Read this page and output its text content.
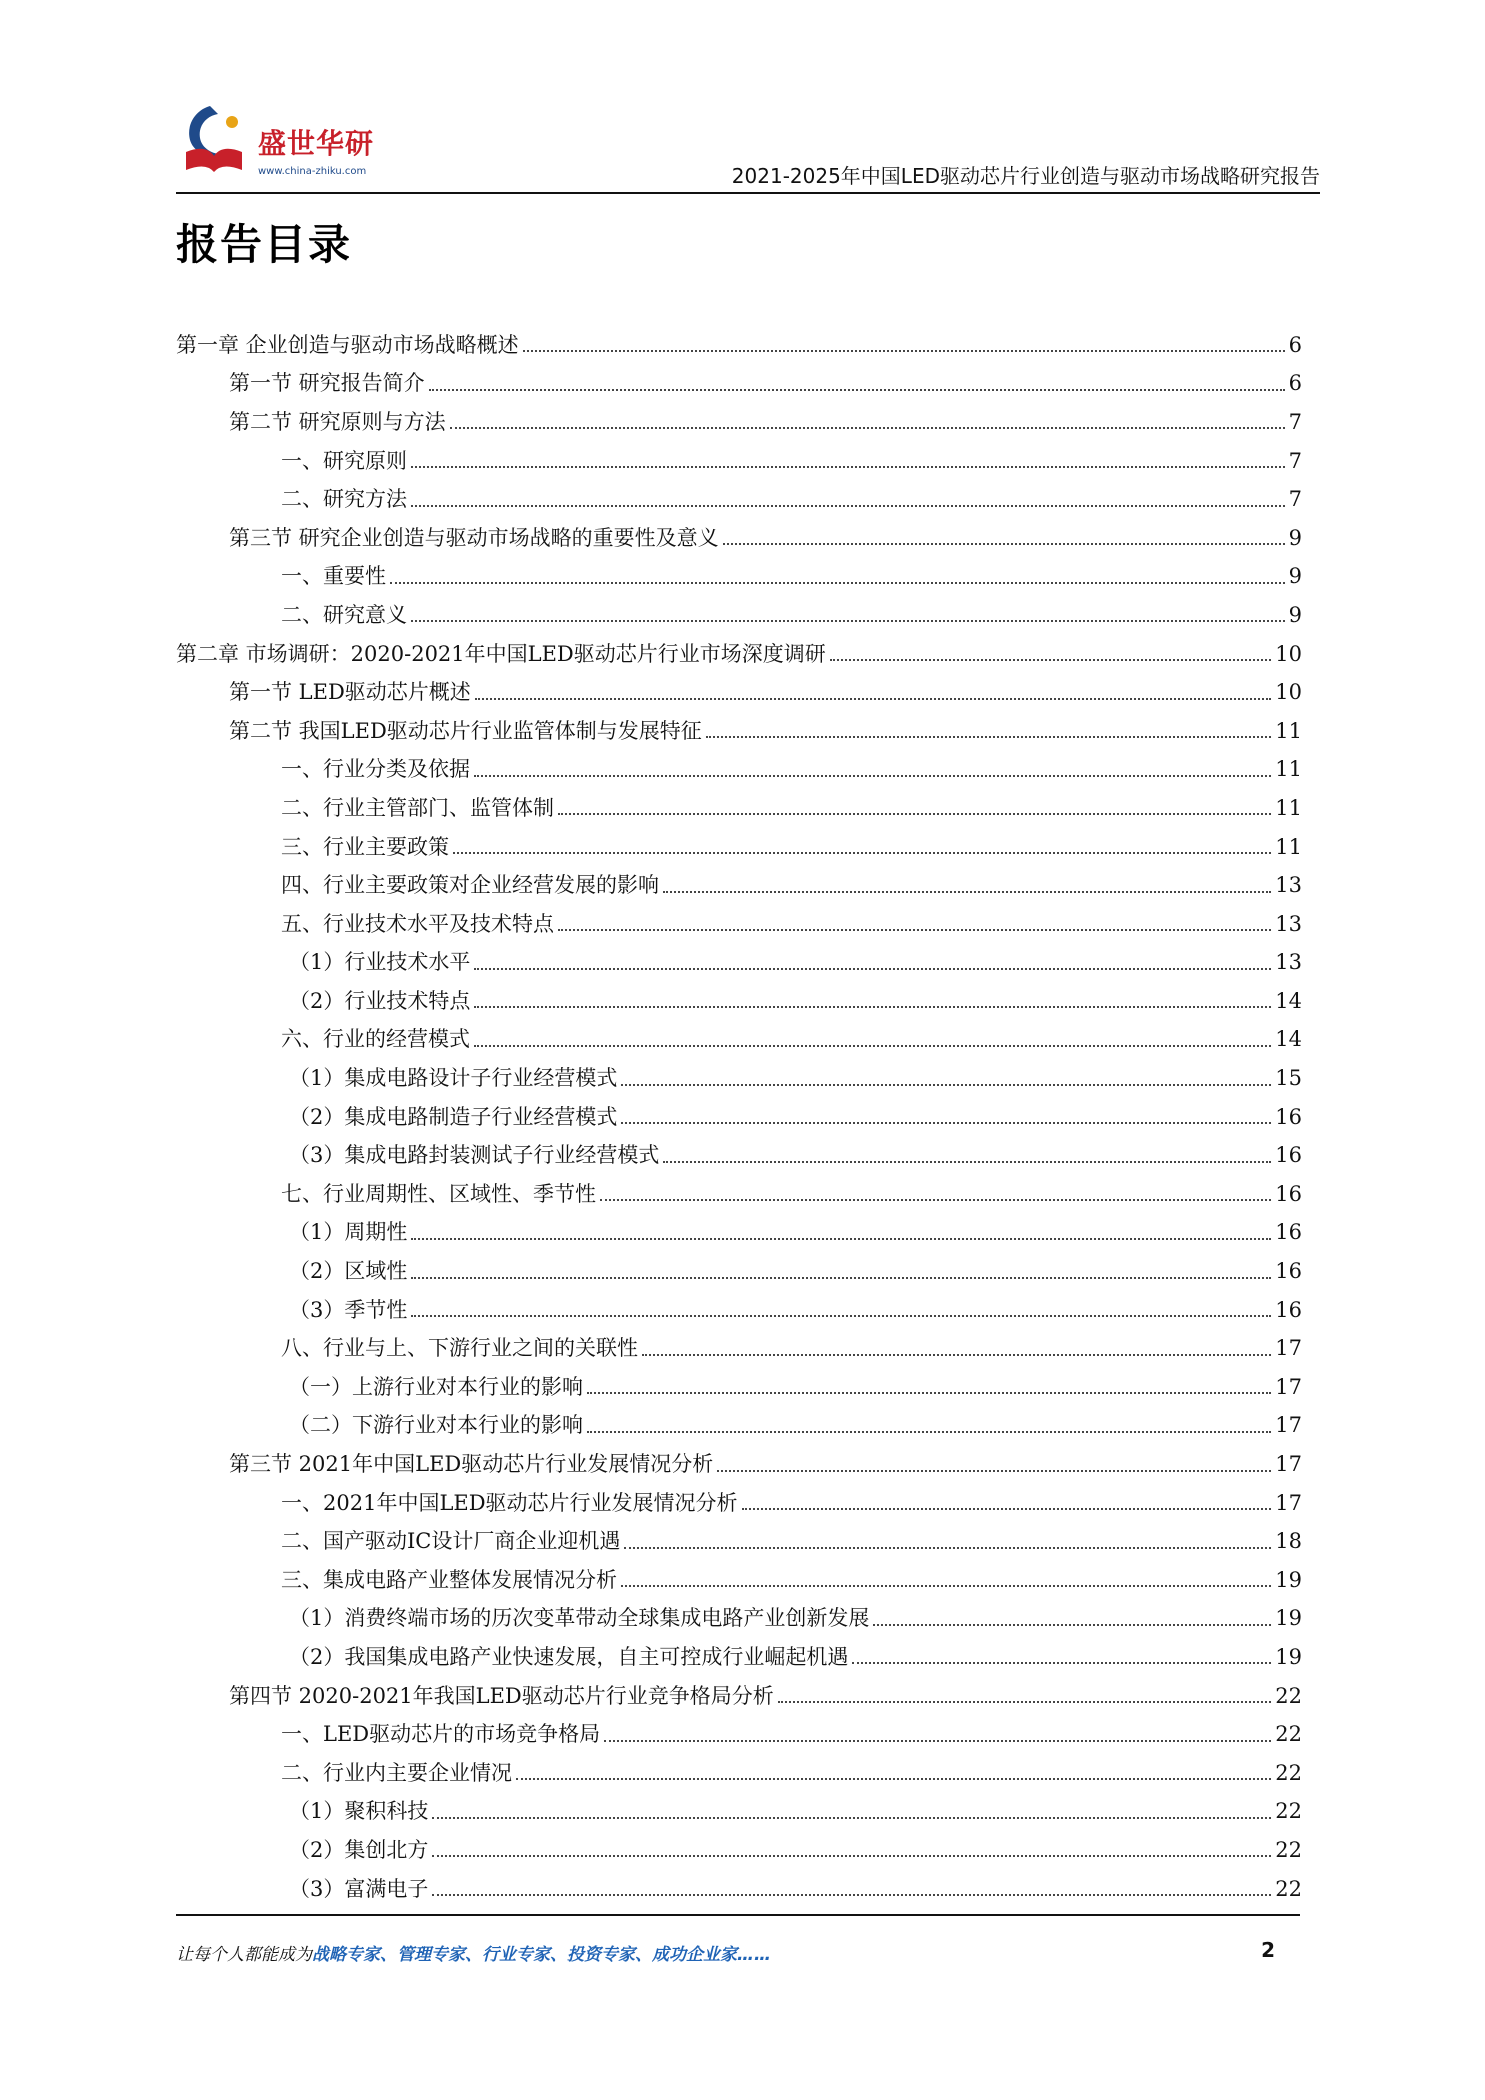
盛世华研
www.china-zhiku.com	2021-2025年中国LED驱动芯片行业创造与驱动市场战略研究报告
报告目录
第一章 企业创造与驱动市场战略概述	6
第一节 研究报告简介	6
第二节 研究原则与方法	7
一、研究原则	7
二、研究方法	7
第三节 研究企业创造与驱动市场战略的重要性及意义	9
一、重要性	9
二、研究意义	9
第二章 市场调研：2020-2021年中国LED驱动芯片行业市场深度调研	10
第一节 LED驱动芯片概述	10
第二节 我国LED驱动芯片行业监管体制与发展特征	11
一、行业分类及依据	11
二、行业主管部门、监管体制	11
三、行业主要政策	11
四、行业主要政策对企业经营发展的影响	13
五、行业技术水平及技术特点	13
（1）行业技术水平	13
（2）行业技术特点	14
六、行业的经营模式	14
（1）集成电路设计子行业经营模式	15
（2）集成电路制造子行业经营模式	16
（3）集成电路封装测试子行业经营模式	16
七、行业周期性、区域性、季节性	16
（1）周期性	16
（2）区域性	16
（3）季节性	16
八、行业与上、下游行业之间的关联性	17
（一）上游行业对本行业的影响	17
（二）下游行业对本行业的影响	17
第三节 2021年中国LED驱动芯片行业发展情况分析	17
一、2021年中国LED驱动芯片行业发展情况分析	17
二、国产驱动IC设计厂商企业迎机遇	18
三、集成电路产业整体发展情况分析	19
（1）消费终端市场的历次变革带动全球集成电路产业创新发展	19
（2）我国集成电路产业快速发展，自主可控成行业崛起机遇	19
第四节 2020-2021年我国LED驱动芯片行业竞争格局分析	22
一、LED驱动芯片的市场竞争格局	22
二、行业内主要企业情况	22
（1）聚积科技	22
（2）集创北方	22
（3）富满电子	22
让每个人都能成为战略专家、管理专家、行业专家、投资专家、成功企业家……	2
